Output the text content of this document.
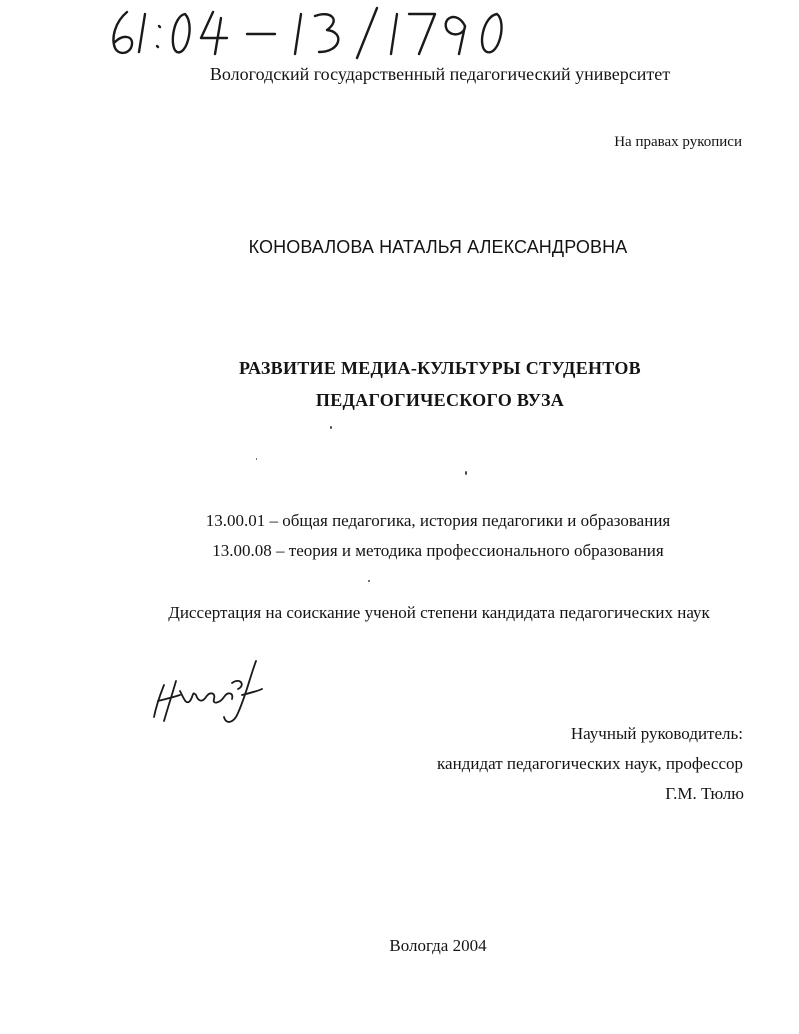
Вологодский государственный педагогический университет
На правах рукописи
КОНОВАЛОВА НАТАЛЬЯ АЛЕКСАНДРОВНА
РАЗВИТИЕ МЕДИА-КУЛЬТУРЫ СТУДЕНТОВ
ПЕДАГОГИЧЕСКОГО ВУЗА
13.00.01 – общая педагогика, история педагогики и образования
13.00.08 – теория и методика профессионального образования
Диссертация на соискание ученой степени кандидата педагогических наук
Научный руководитель:
кандидат педагогических наук, профессор
Г.М. Тюлю
Вологда 2004
